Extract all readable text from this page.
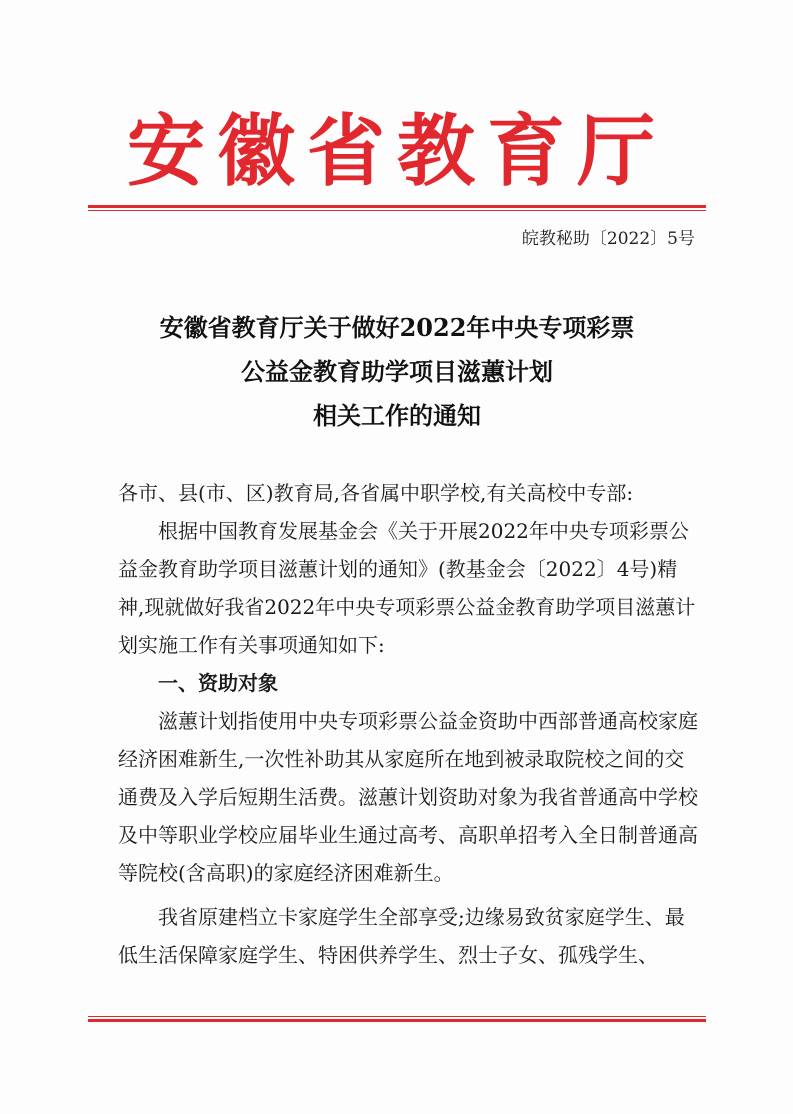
安徽省教育厅
皖教秘助〔2022〕5号
安徽省教育厅关于做好2022年中央专项彩票
公益金教育助学项目滋蕙计划
相关工作的通知

各市、县(市、区)教育局,各省属中职学校,有关高校中专部:

根据中国教育发展基金会《关于开展2022年中央专项彩票公益金教育助学项目滋蕙计划的通知》(教基金会〔2022〕4号)精神,现就做好我省2022年中央专项彩票公益金教育助学项目滋蕙计划实施工作有关事项通知如下:

一、资助对象

滋蕙计划指使用中央专项彩票公益金资助中西部普通高校家庭经济困难新生,一次性补助其从家庭所在地到被录取院校之间的交通费及入学后短期生活费。滋蕙计划资助对象为我省普通高中学校及中等职业学校应届毕业生通过高考、高职单招考入全日制普通高等院校(含高职)的家庭经济困难新生。

我省原建档立卡家庭学生全部享受;边缘易致贫家庭学生、最低生活保障家庭学生、特困供养学生、烈士子女、孤残学生、
